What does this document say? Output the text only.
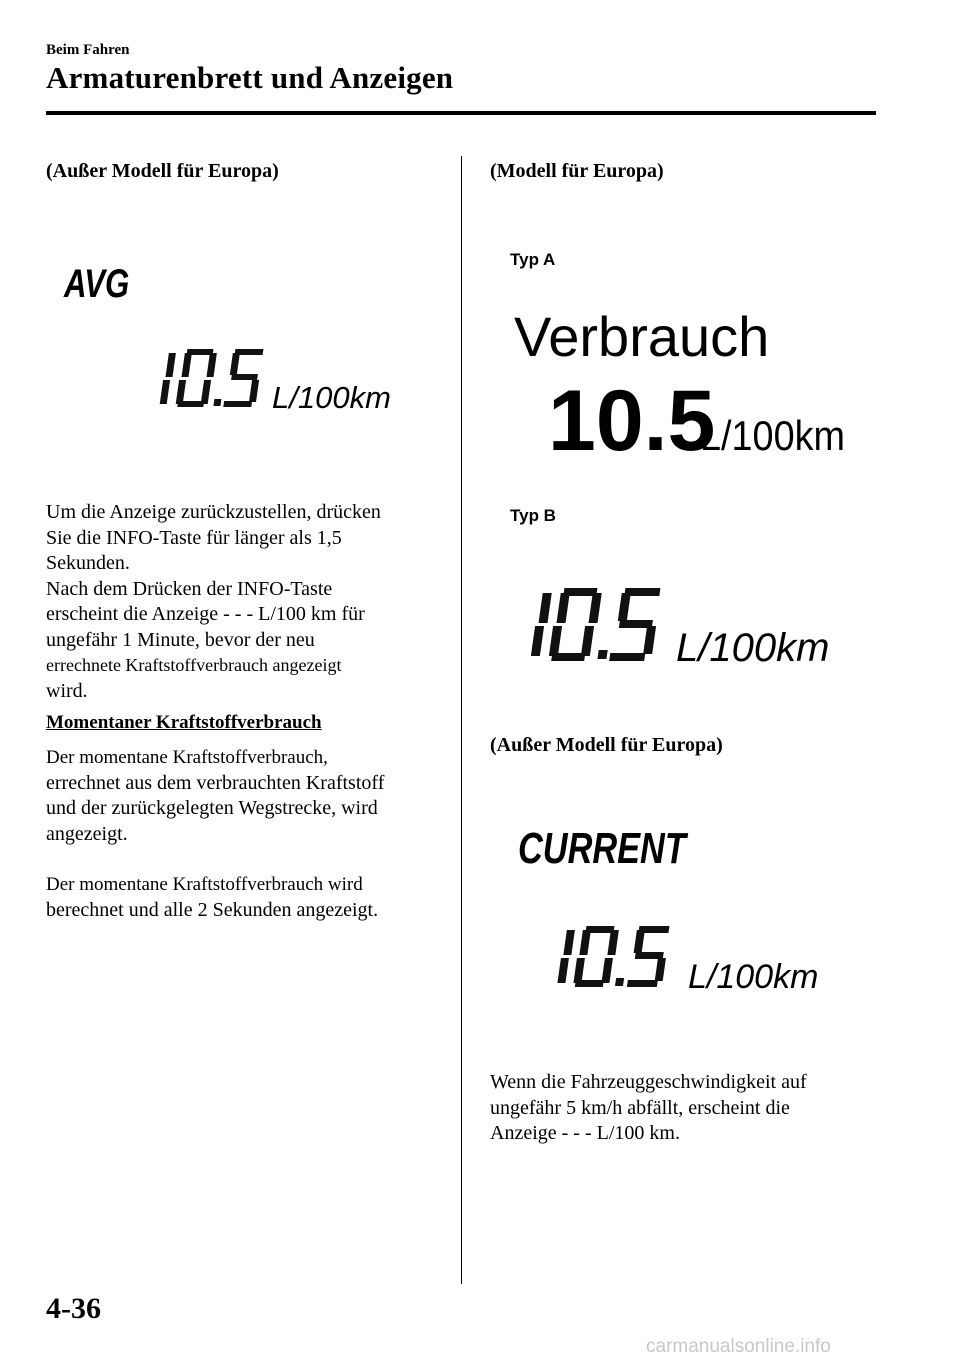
Beim Fahren
Armaturenbrett und Anzeigen
(Außer Modell für Europa)
AVG
L/100km

Um die Anzeige zurückzustellen, drücken

Sie die INFO-Taste für länger als 1,5

Sekunden.

Nach dem Drücken der INFO-Taste

erscheint die Anzeige - - - L/100 km für

ungefähr 1 Minute, bevor der neu

errechnete Kraftstoffverbrauch angezeigt

wird.

Momentaner Kraftstoffverbrauch

Der momentane Kraftstoffverbrauch,

errechnet aus dem verbrauchten Kraftstoff

und der zurückgelegten Wegstrecke, wird

angezeigt.

Der momentane Kraftstoffverbrauch wird

berechnet und alle 2 Sekunden angezeigt.

(Modell für Europa)
Typ A
Verbrauch
10.5
L/100km
Typ B
L/100km
(Außer Modell für Europa)
CURRENT
L/100km

Wenn die Fahrzeuggeschwindigkeit auf

ungefähr 5 km/h abfällt, erscheint die

Anzeige - - - L/100 km.

4-36
carmanualsonline.info
